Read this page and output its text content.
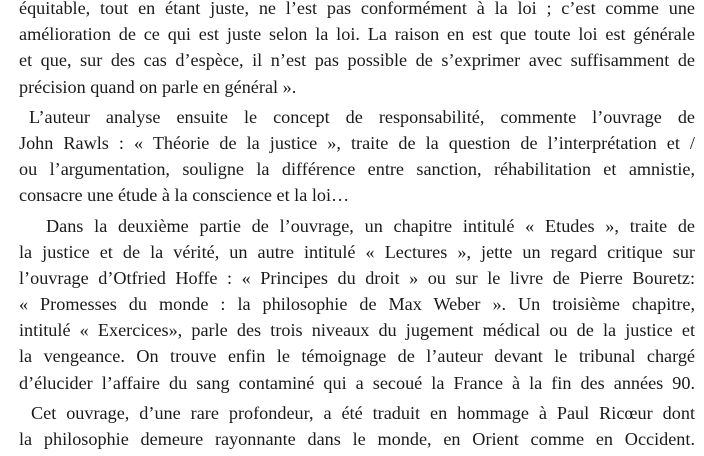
équitable, tout en étant juste, ne l’est pas conformément à la loi ; c’est comme une
amélioration de ce qui est juste selon la loi. La raison en est que toute loi est générale
et que, sur des cas d’espèce, il n’est pas possible de s’exprimer avec suffisamment de
précision quand on parle en général ».
L’auteur analyse ensuite le concept de responsabilité, commente l’ouvrage de
John Rawls : « Théorie de la justice », traite de la question de l’interprétation et /
ou l’argumentation, souligne la différence entre sanction, réhabilitation et amnistie,
consacre une étude à la conscience et la loi…
Dans la deuxième partie de l’ouvrage, un chapitre intitulé « Etudes », traite de
la justice et de la vérité, un autre intitulé « Lectures », jette un regard critique sur
l’ouvrage d’Otfried Hoffe : « Principes du droit » ou sur le livre de Pierre Bouretz:
« Promesses du monde : la philosophie de Max Weber ». Un troisième chapitre,
intitulé « Exercices», parle des trois niveaux du jugement médical ou de la justice et
la vengeance. On trouve enfin le témoignage de l’auteur devant le tribunal chargé
d’élucider l’affaire du sang contaminé qui a secoué la France à la fin des années 90.
Cet ouvrage, d’une rare profondeur, a été traduit en hommage à Paul Ricœur dont
la philosophie demeure rayonnante dans le monde, en Orient comme en Occident.
